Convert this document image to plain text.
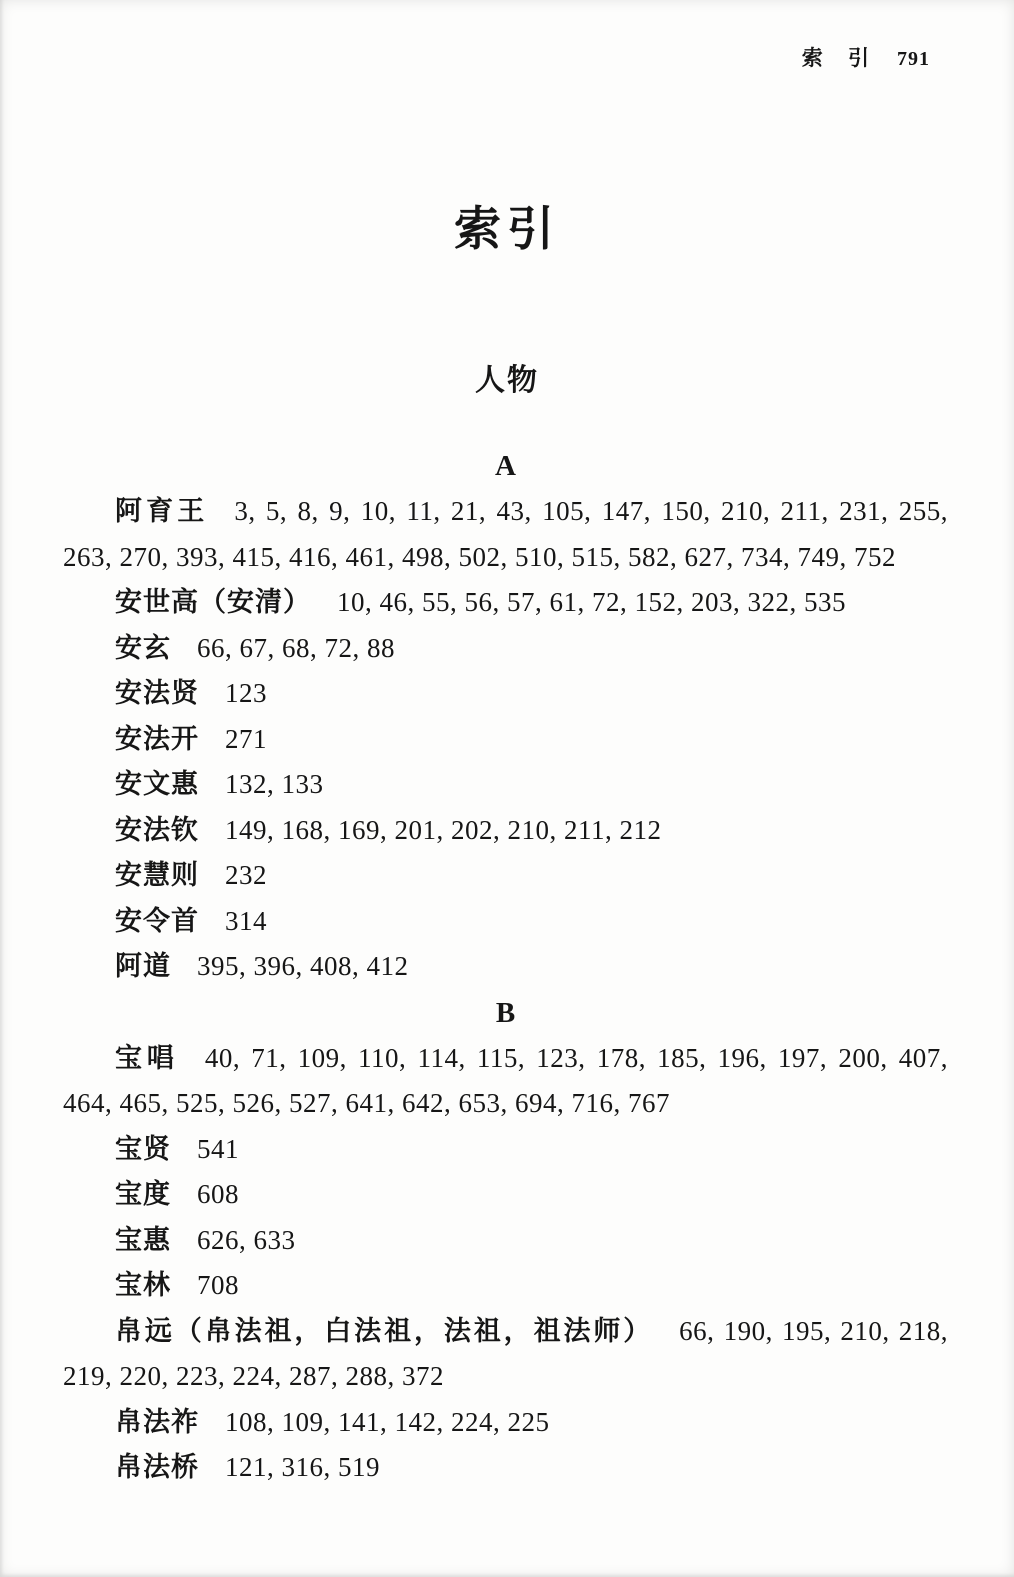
索 引 791
索引
人物
A

阿育王 3, 5, 8, 9, 10, 11, 21, 43, 105, 147, 150, 210, 211, 231, 255, 263, 270, 393, 415, 416, 461, 498, 502, 510, 515, 582, 627, 734, 749, 752

安世高（安清） 10, 46, 55, 56, 57, 61, 72, 152, 203, 322, 535

安玄 66, 67, 68, 72, 88

安法贤 123

安法开 271

安文惠 132, 133

安法钦 149, 168, 169, 201, 202, 210, 211, 212

安慧则 232

安令首 314

阿道 395, 396, 408, 412

B

宝唱 40, 71, 109, 110, 114, 115, 123, 178, 185, 196, 197, 200, 407, 464, 465, 525, 526, 527, 641, 642, 653, 694, 716, 767

宝贤 541

宝度 608

宝惠 626, 633

宝林 708

帛远（帛法祖，白法祖，法祖，祖法师） 66, 190, 195, 210, 218, 219, 220, 223, 224, 287, 288, 372

帛法祚 108, 109, 141, 142, 224, 225

帛法桥 121, 316, 519
